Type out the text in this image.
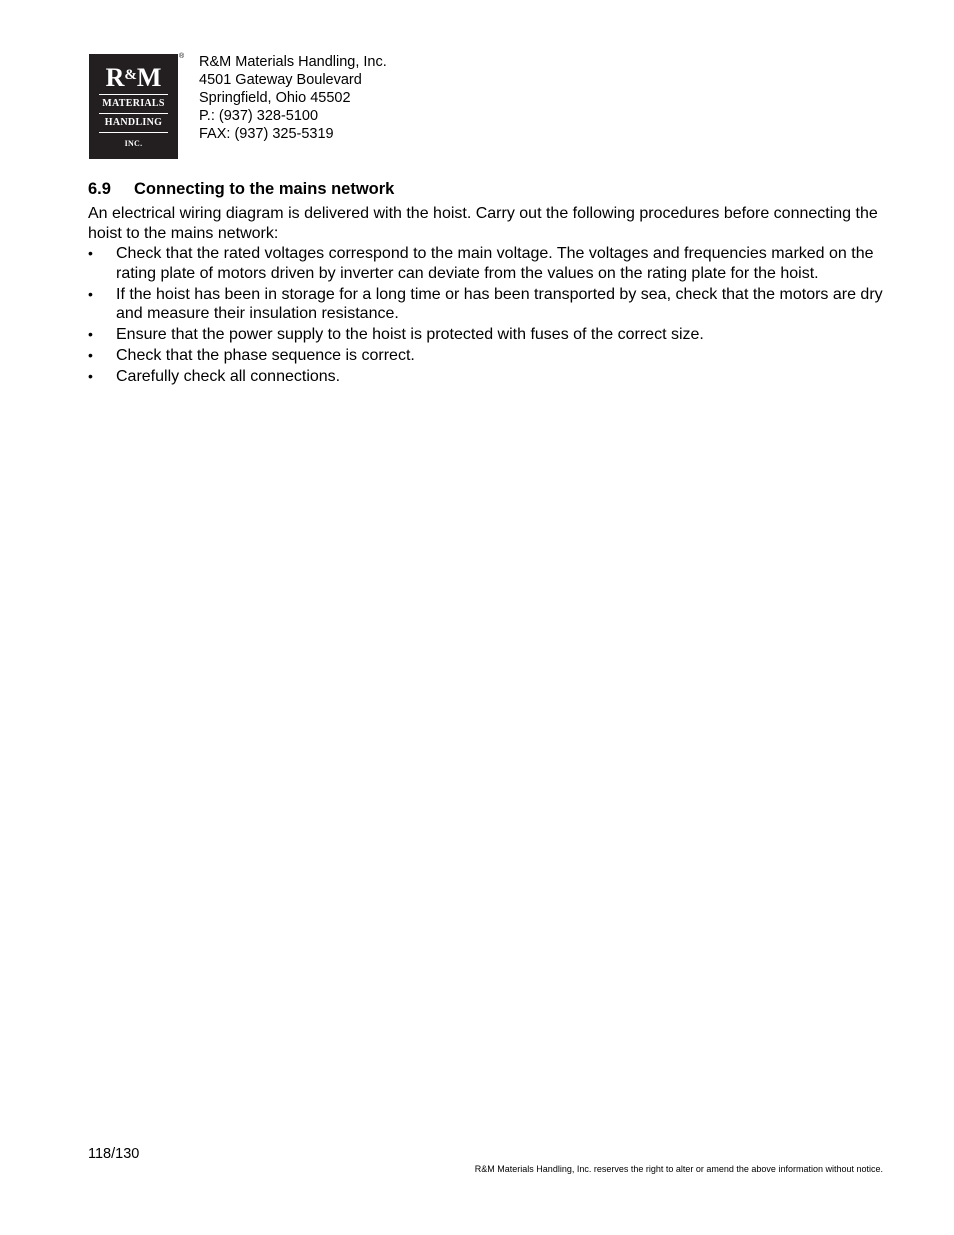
R&M
MATERIALS
HANDLING
INC.
® R&M Materials Handling, Inc.
4501 Gateway Boulevard
Springfield, Ohio 45502
P.: (937) 328-5100
FAX: (937) 325-5319
6.9 Connecting to the mains network
An electrical wiring diagram is delivered with the hoist. Carry out the following procedures before connecting the hoist to the mains network:
• Check that the rated voltages correspond to the main voltage. The voltages and frequencies marked on the rating plate of motors driven by inverter can deviate from the values on the rating plate for the hoist.
• If the hoist has been in storage for a long time or has been transported by sea, check that the motors are dry and measure their insulation resistance.
• Ensure that the power supply to the hoist is protected with fuses of the correct size.
• Check that the phase sequence is correct.
• Carefully check all connections.
118/130
R&M Materials Handling, Inc. reserves the right to alter or amend the above information without notice.
